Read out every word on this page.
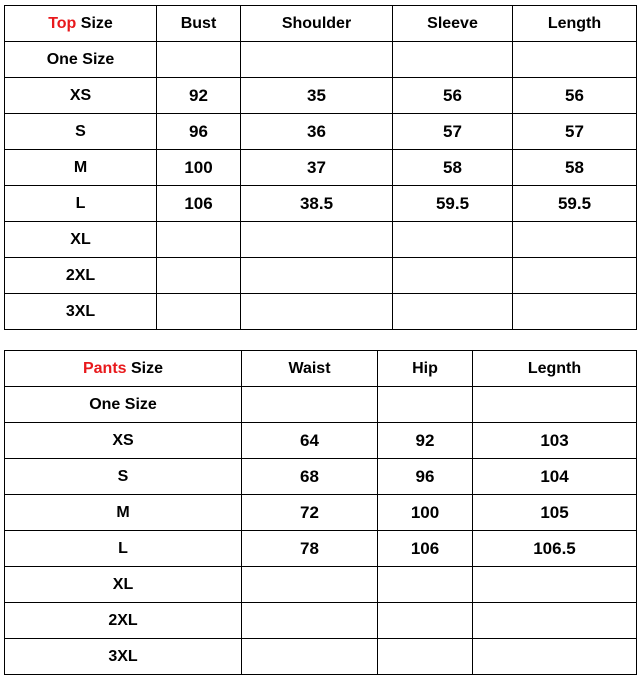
Top Size	Bust	Shoulder	Sleeve	Length
One Size				
XS	92	35	56	56
S	96	36	57	57
M	100	37	58	58
L	106	38.5	59.5	59.5
XL				
2XL				
3XL				
Pants Size	Waist	Hip	Legnth
One Size			
XS	64	92	103
S	68	96	104
M	72	100	105
L	78	106	106.5
XL			
2XL			
3XL			
